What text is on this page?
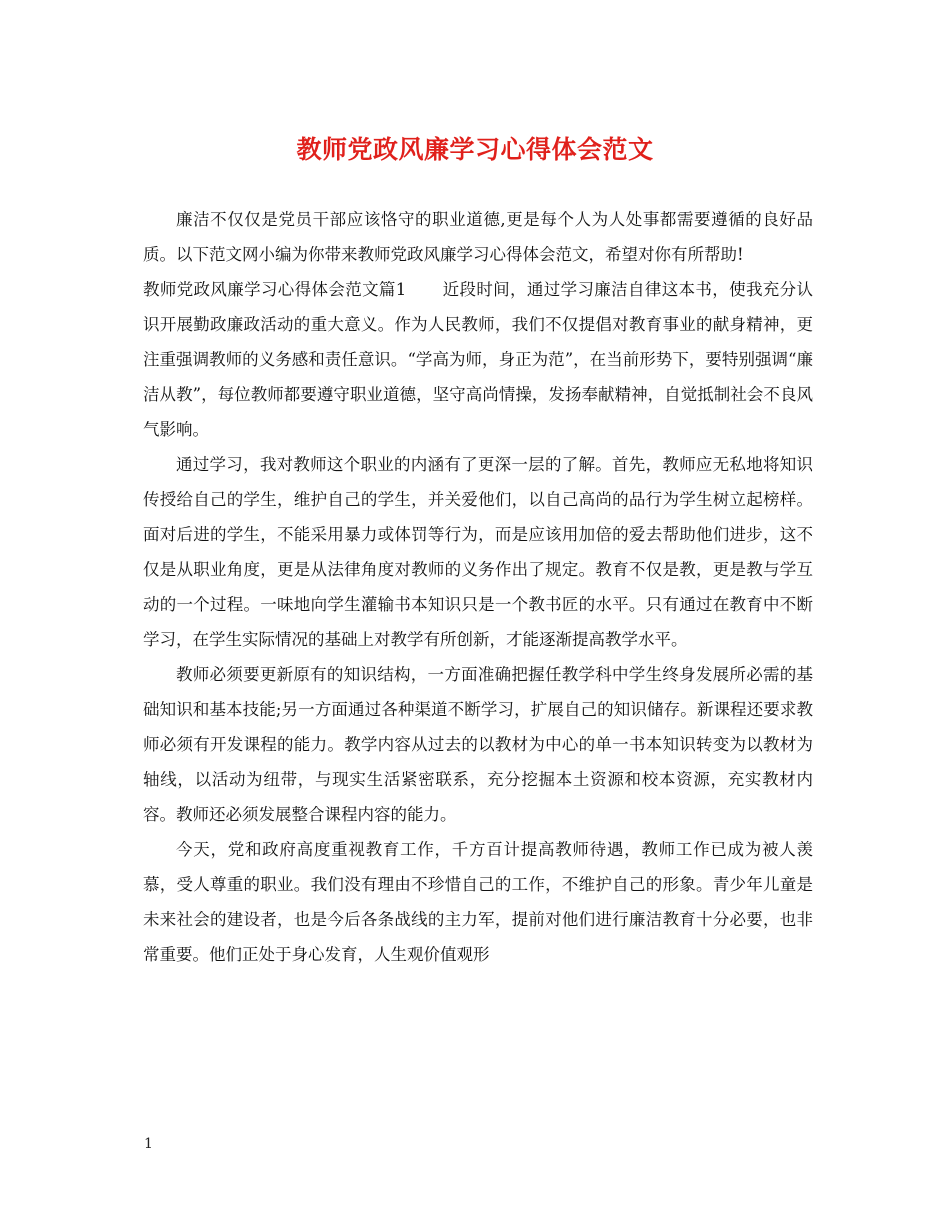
教师党政风廉学习心得体会范文

廉洁不仅仅是党员干部应该恪守的职业道德,更是每个人为人处事都需要遵循的良好品质。以下范文网小编为你带来教师党政风廉学习心得体会范文，希望对你有所帮助!

教师党政风廉学习心得体会范文篇1 近段时间，通过学习廉洁自律这本书，使我充分认识开展勤政廉政活动的重大意义。作为人民教师，我们不仅提倡对教育事业的献身精神，更注重强调教师的义务感和责任意识。“学高为师，身正为范”，在当前形势下，要特别强调“廉洁从教”，每位教师都要遵守职业道德，坚守高尚情操，发扬奉献精神，自觉抵制社会不良风气影响。

通过学习，我对教师这个职业的内涵有了更深一层的了解。首先，教师应无私地将知识传授给自己的学生，维护自己的学生，并关爱他们，以自己高尚的品行为学生树立起榜样。面对后进的学生，不能采用暴力或体罚等行为，而是应该用加倍的爱去帮助他们进步，这不仅是从职业角度，更是从法律角度对教师的义务作出了规定。教育不仅是教，更是教与学互动的一个过程。一味地向学生灌输书本知识只是一个教书匠的水平。只有通过在教育中不断学习，在学生实际情况的基础上对教学有所创新，才能逐渐提高教学水平。

教师必须要更新原有的知识结构，一方面准确把握任教学科中学生终身发展所必需的基础知识和基本技能;另一方面通过各种渠道不断学习，扩展自己的知识储存。新课程还要求教师必须有开发课程的能力。教学内容从过去的以教材为中心的单一书本知识转变为以教材为轴线，以活动为纽带，与现实生活紧密联系，充分挖掘本土资源和校本资源，充实教材内容。教师还必须发展整合课程内容的能力。

今天，党和政府高度重视教育工作，千方百计提高教师待遇，教师工作已成为被人羡慕，受人尊重的职业。我们没有理由不珍惜自己的工作，不维护自己的形象。青少年儿童是未来社会的建设者，也是今后各条战线的主力军，提前对他们进行廉洁教育十分必要，也非常重要。他们正处于身心发育，人生观价值观形

1
